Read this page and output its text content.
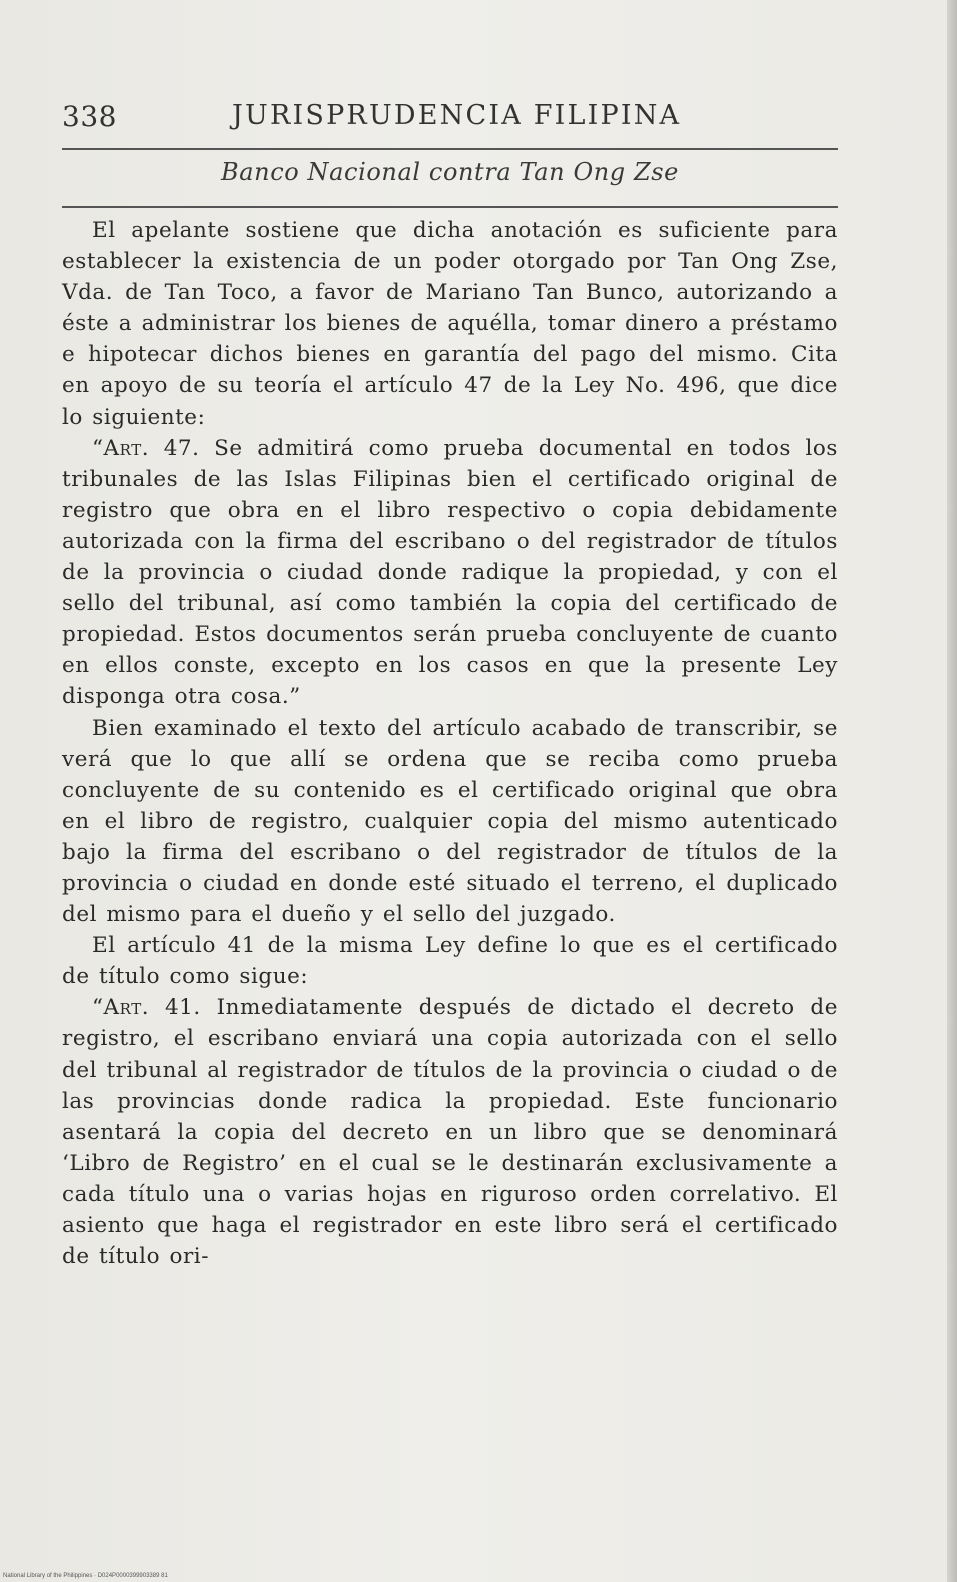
338	JURISPRUDENCIA FILIPINA
Banco Nacional contra Tan Ong Zse

El apelante sostiene que dicha anotación es suficiente para establecer la existencia de un poder otorgado por Tan Ong Zse, Vda. de Tan Toco, a favor de Mariano Tan Bunco, autorizando a éste a administrar los bienes de aquélla, tomar dinero a préstamo e hipotecar dichos bienes en garantía del pago del mismo. Cita en apoyo de su teoría el artículo 47 de la Ley No. 496, que dice lo siguiente:

“Art. 47. Se admitirá como prueba documental en todos los tribunales de las Islas Filipinas bien el certificado original de registro que obra en el libro respectivo o copia debidamente autorizada con la firma del escribano o del registrador de títulos de la provincia o ciudad donde radique la propiedad, y con el sello del tribunal, así como también la copia del certificado de propiedad. Estos documentos serán prueba concluyente de cuanto en ellos conste, excepto en los casos en que la presente Ley disponga otra cosa.”

Bien examinado el texto del artículo acabado de transcribir, se verá que lo que allí se ordena que se reciba como prueba concluyente de su contenido es el certificado original que obra en el libro de registro, cualquier copia del mismo autenticado bajo la firma del escribano o del registrador de títulos de la provincia o ciudad en donde esté situado el terreno, el duplicado del mismo para el dueño y el sello del juzgado.

El artículo 41 de la misma Ley define lo que es el certificado de título como sigue:

“Art. 41. Inmediatamente después de dictado el decreto de registro, el escribano enviará una copia autorizada con el sello del tribunal al registrador de títulos de la provincia o ciudad o de las provincias donde radica la propiedad. Este funcionario asentará la copia del decreto en un libro que se denominará ‘Libro de Registro’ en el cual se le destinarán exclusivamente a cada título una o varias hojas en riguroso orden correlativo. El asiento que haga el registrador en este libro será el certificado de título ori-

National Library of the Philippines · D024P0000399903389 81
